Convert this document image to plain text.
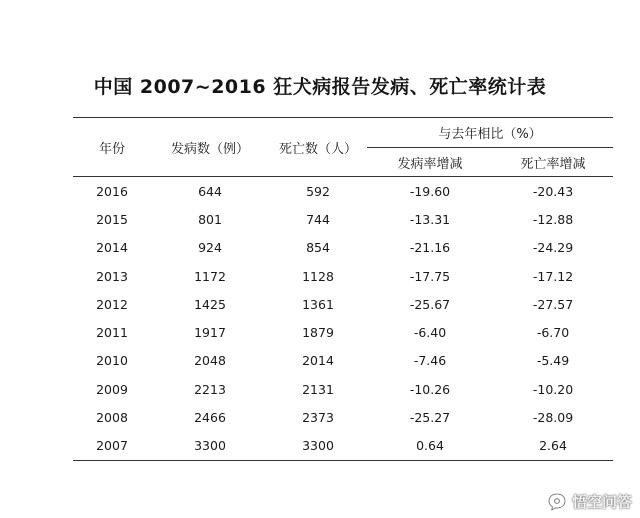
中国 2007~2016 狂犬病报告发病、死亡率统计表
年份	发病数（例）	死亡数（人）	与去年相比（%）	
			发病率增减	死亡率增减
2016	644	592	-19.60	-20.43
2015	801	744	-13.31	-12.88
2014	924	854	-21.16	-24.29
2013	1172	1128	-17.75	-17.12
2012	1425	1361	-25.67	-27.57
2011	1917	1879	-6.40	-6.70
2010	2048	2014	-7.46	-5.49
2009	2213	2131	-10.26	-10.20
2008	2466	2373	-25.27	-28.09
2007	3300	3300	0.64	2.64
悟空问答
